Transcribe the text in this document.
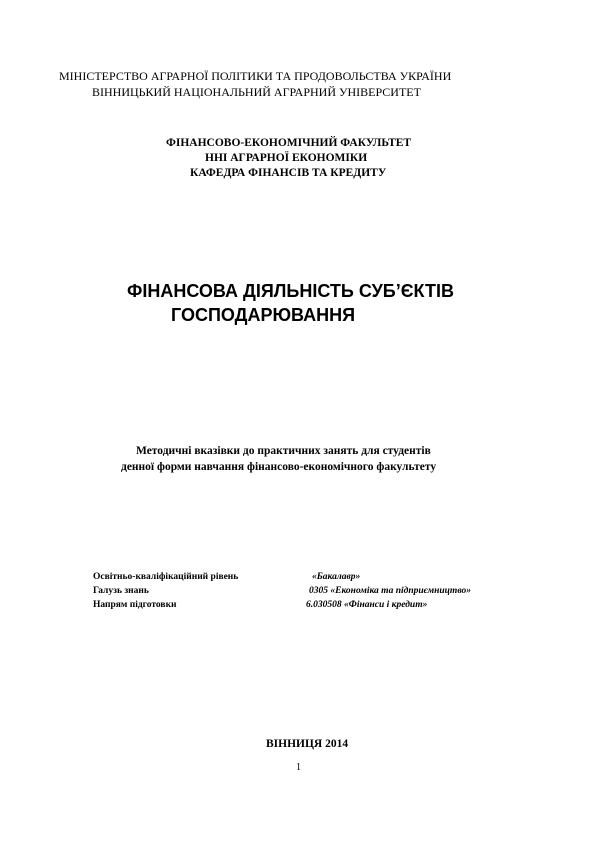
МІНІСТЕРСТВО АГРАРНОЇ ПОЛІТИКИ ТА ПРОДОВОЛЬСТВА УКРАЇНИ

ВІННИЦЬКИЙ НАЦІОНАЛЬНИЙ АГРАРНИЙ УНІВЕРСИТЕТ

ФІНАНСОВО-ЕКОНОМІЧНИЙ ФАКУЛЬТЕТ

ННІ АГРАРНОЇ ЕКОНОМІКИ

КАФЕДРА ФІНАНСІВ ТА КРЕДИТУ

ФІНАНСОВА ДІЯЛЬНІСТЬ СУБ’ЄКТІВ

ГОСПОДАРЮВАННЯ

Методичні вказівки до практичних занять для студентів

денної форми навчання фінансово-економічного факультету

Освітньо-кваліфікаційний рівень	«Бакалавр»

Галузь знань	0305 «Економіка та підприємництво»

Напрям підготовки	6.030508 «Фінанси і кредит»

ВІННИЦЯ 2014

1
